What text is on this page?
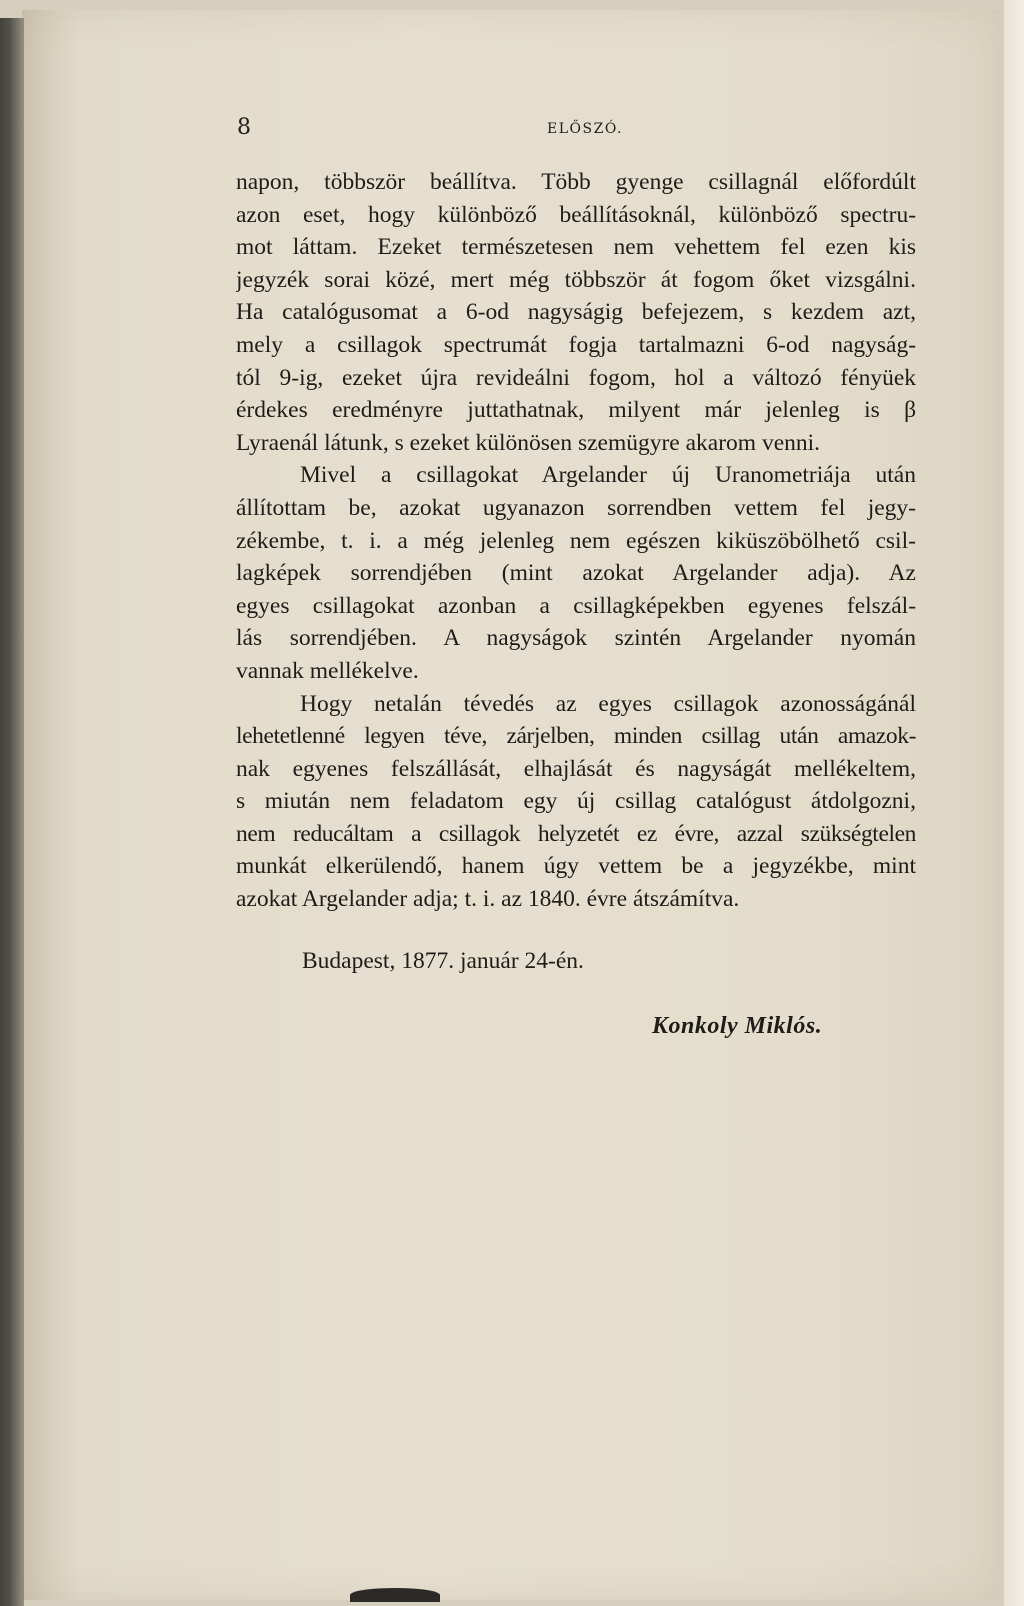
8	ELŐSZÓ.
napon, többször beállítva. Több gyenge csillagnál előfordúlt
azon eset, hogy különböző beállításoknál, különböző spectru-
mot láttam. Ezeket természetesen nem vehettem fel ezen kis
jegyzék sorai közé, mert még többször át fogom őket vizsgálni.
Ha catalógusomat a 6-od nagyságig befejezem, s kezdem azt,
mely a csillagok spectrumát fogja tartalmazni 6-od nagyság-
tól 9-ig, ezeket újra revideálni fogom, hol a változó fényüek
érdekes eredményre juttathatnak, milyent már jelenleg is β
Lyraenál látunk, s ezeket különösen szemügyre akarom venni.
Mivel a csillagokat Argelander új Uranometriája után
állítottam be, azokat ugyanazon sorrendben vettem fel jegy-
zékembe, t. i. a még jelenleg nem egészen kiküszöbölhető csil-
lagképek sorrendjében (mint azokat Argelander adja). Az
egyes csillagokat azonban a csillagképekben egyenes felszál-
lás sorrendjében. A nagyságok szintén Argelander nyomán
vannak mellékelve.
Hogy netalán tévedés az egyes csillagok azonosságánál
lehetetlenné legyen téve, zárjelben, minden csillag után amazok-
nak egyenes felszállását, elhajlását és nagyságát mellékeltem,
s miután nem feladatom egy új csillag catalógust átdolgozni,
nem reducáltam a csillagok helyzetét ez évre, azzal szükségtelen
munkát elkerülendő, hanem úgy vettem be a jegyzékbe, mint
azokat Argelander adja; t. i. az 1840. évre átszámítva.
Budapest, 1877. január 24-én.
Konkoly Miklós.
